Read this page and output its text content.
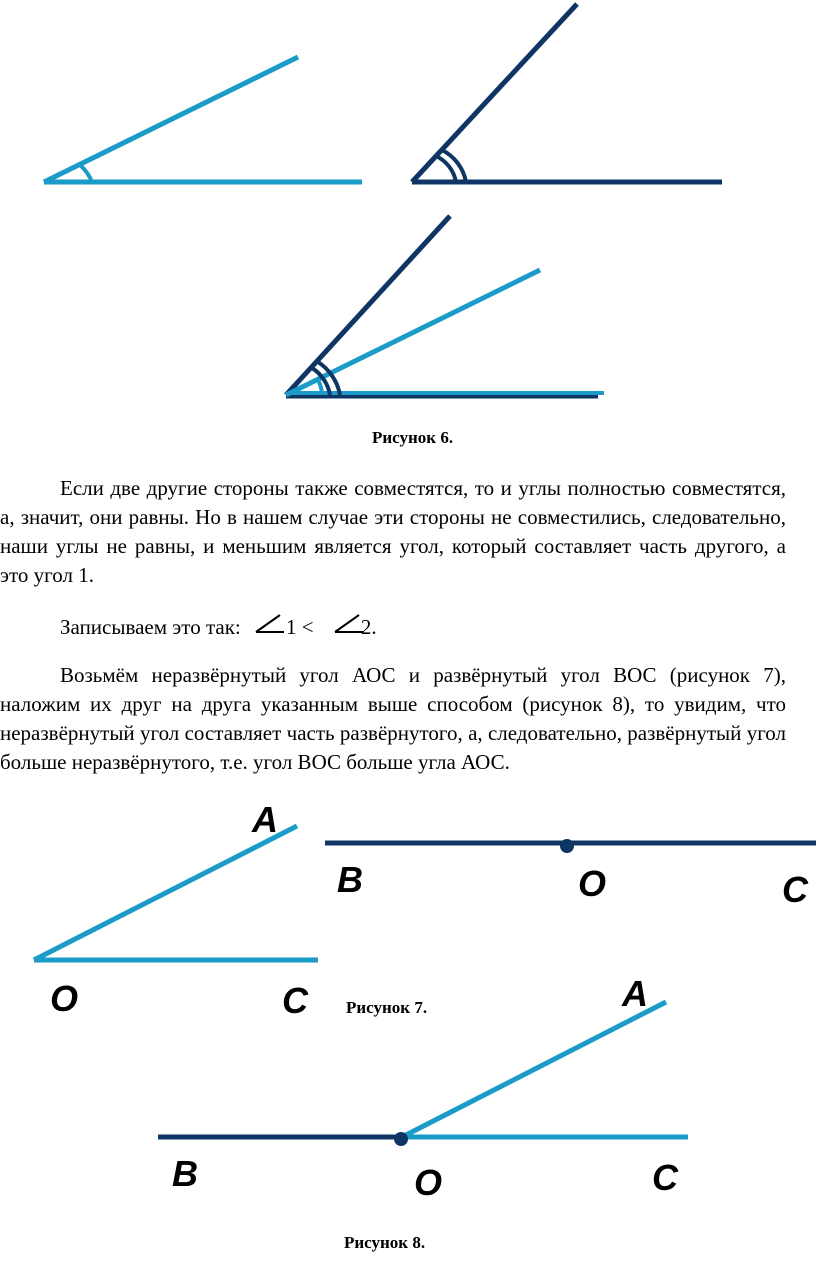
Рисунок 6.

Если две другие стороны также совместятся, то и углы полностью совместятся, а, значит, они равны. Но в нашем случае эти стороны не совместились, следовательно, наши углы не равны, и меньшим является угол, который составляет часть другого, а это угол 1.

Записываем это так: 1 < 2.

Возьмём неразвёрнутый угол АОС и развёрнутый угол ВОС (рисунок 7), наложим их друг на друга указанным выше способом (рисунок 8), то увидим, что неразвёрнутый угол составляет часть развёрнутого, а, следовательно, развёрнутый угол больше неразвёрнутого, т.е. угол ВОС больше угла АОС.

A
O	C
B	O	C
Рисунок 7.	A
B	O	C
Рисунок 8.
